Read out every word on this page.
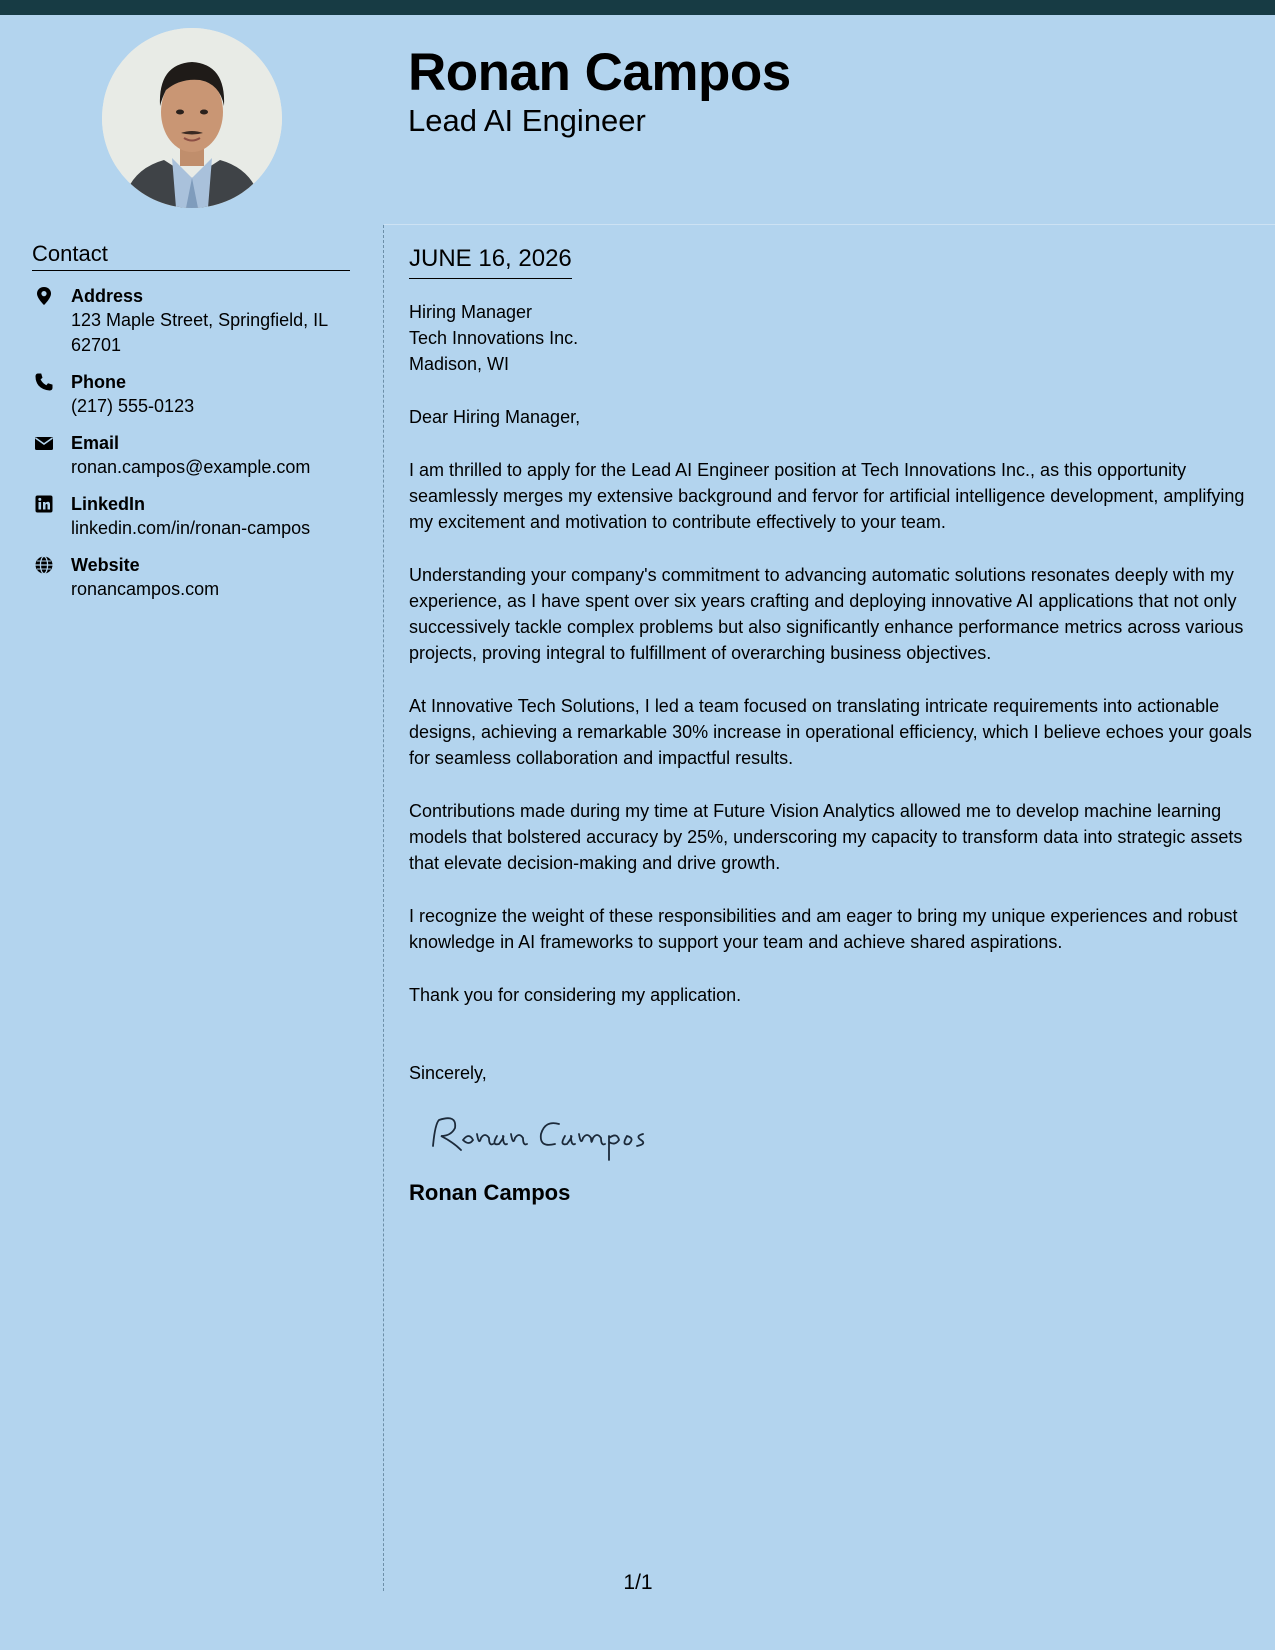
Ronan Campos
Lead AI Engineer
Contact
Address
123 Maple Street, Springfield, IL 62701
Phone
(217) 555-0123
Email
ronan.campos@example.com
LinkedIn
linkedin.com/in/ronan-campos
Website
ronancampos.com
JUNE 16, 2026
Hiring Manager
Tech Innovations Inc.
Madison, WI
Dear Hiring Manager,
I am thrilled to apply for the Lead AI Engineer position at Tech Innovations Inc., as this opportunity seamlessly merges my extensive background and fervor for artificial intelligence development, amplifying my excitement and motivation to contribute effectively to your team.
Understanding your company's commitment to advancing automatic solutions resonates deeply with my experience, as I have spent over six years crafting and deploying innovative AI applications that not only successively tackle complex problems but also significantly enhance performance metrics across various projects, proving integral to fulfillment of overarching business objectives.
At Innovative Tech Solutions, I led a team focused on translating intricate requirements into actionable designs, achieving a remarkable 30% increase in operational efficiency, which I believe echoes your goals for seamless collaboration and impactful results.
Contributions made during my time at Future Vision Analytics allowed me to develop machine learning models that bolstered accuracy by 25%, underscoring my capacity to transform data into strategic assets that elevate decision-making and drive growth.
I recognize the weight of these responsibilities and am eager to bring my unique experiences and robust knowledge in AI frameworks to support your team and achieve shared aspirations.
Thank you for considering my application.
Sincerely,
Ronan Campos
1/1
